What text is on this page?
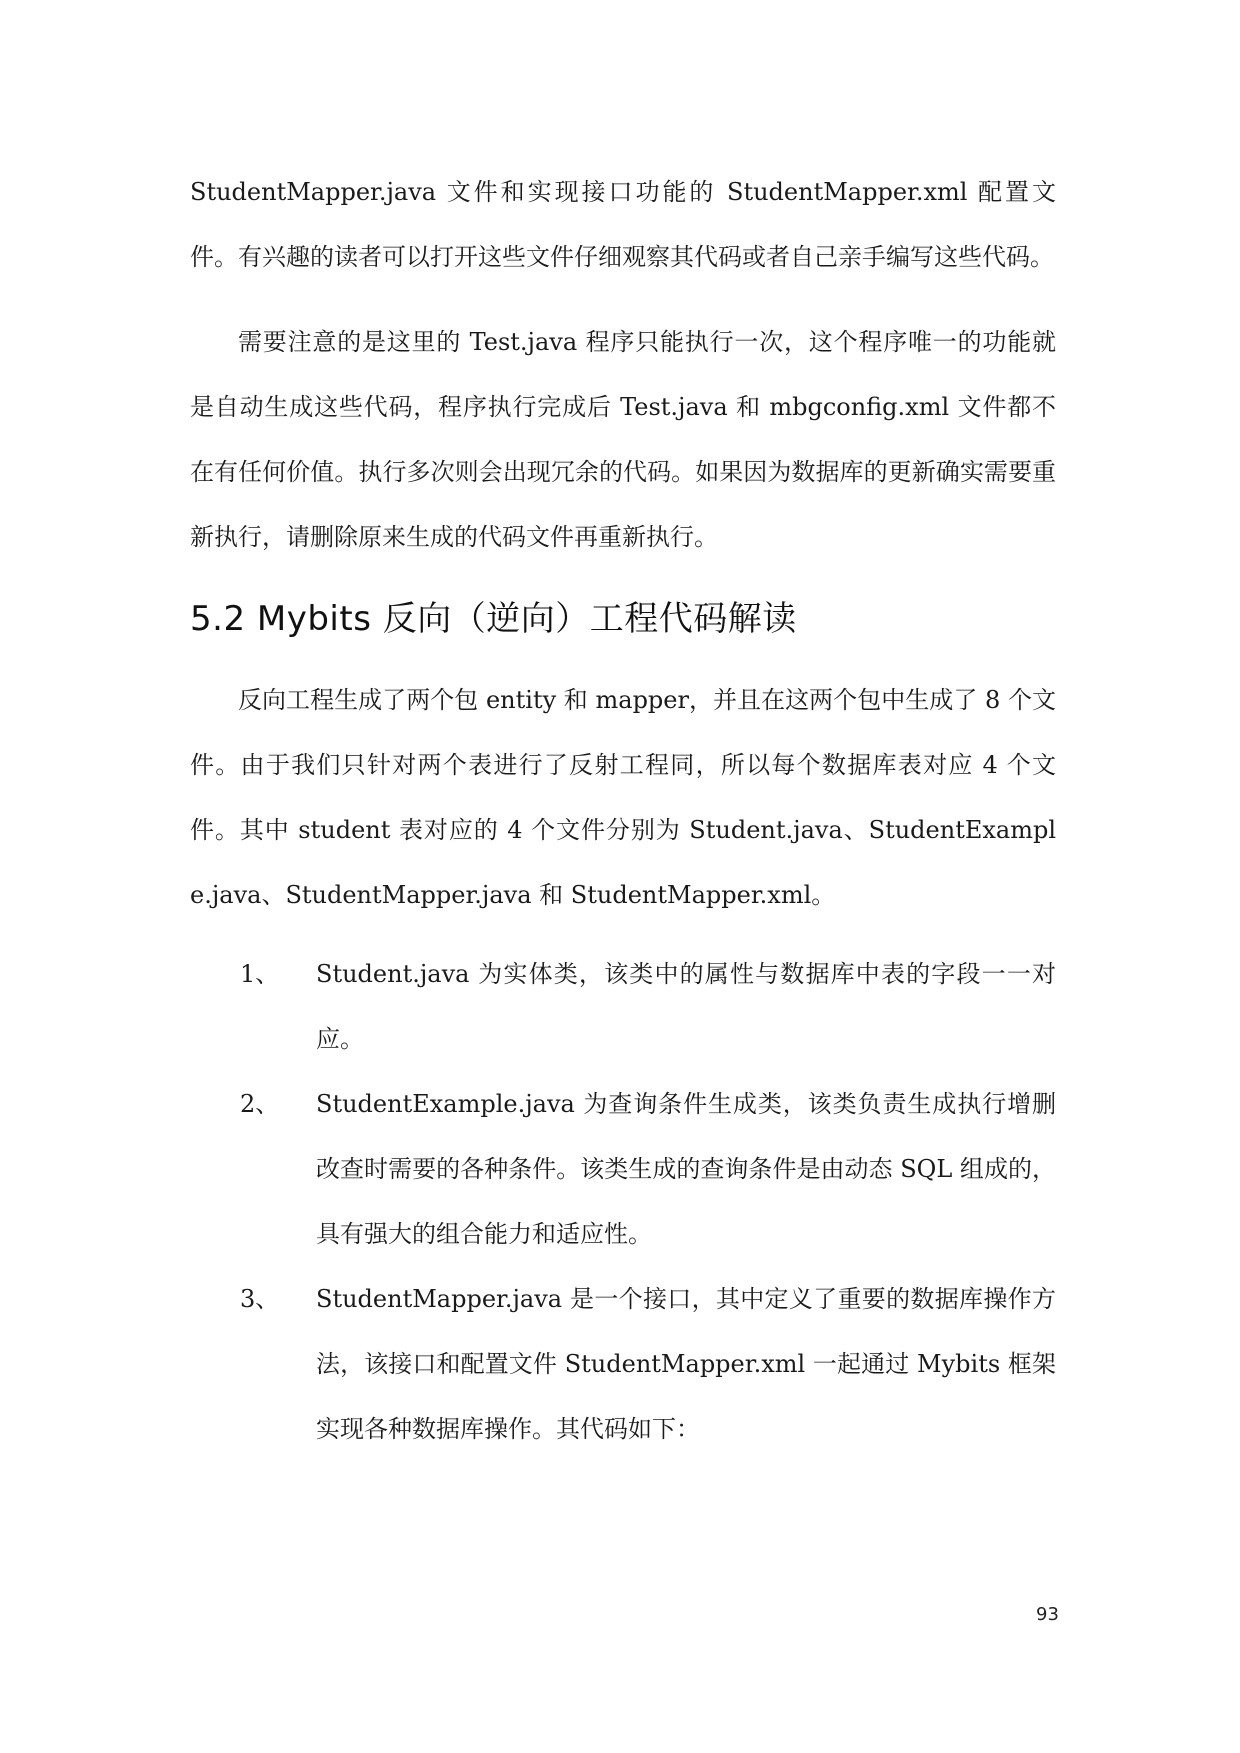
StudentMapper.java 文件和实现接口功能的 StudentMapper.xml 配置文件。有兴趣的读者可以打开这些文件仔细观察其代码或者自己亲手编写这些代码。

需要注意的是这里的 Test.java 程序只能执行一次，这个程序唯一的功能就是自动生成这些代码，程序执行完成后 Test.java 和 mbgconfig.xml 文件都不在有任何价值。执行多次则会出现冗余的代码。如果因为数据库的更新确实需要重新执行，请删除原来生成的代码文件再重新执行。

5.2 Mybits 反向（逆向）工程代码解读

反向工程生成了两个包 entity 和 mapper，并且在这两个包中生成了 8 个文件。由于我们只针对两个表进行了反射工程同，所以每个数据库表对应 4 个文件。其中 student 表对应的 4 个文件分别为 Student.java、StudentExample.java、StudentMapper.java 和 StudentMapper.xml。

1、 Student.java 为实体类，该类中的属性与数据库中表的字段一一对应。
2、 StudentExample.java 为查询条件生成类，该类负责生成执行增删改查时需要的各种条件。该类生成的查询条件是由动态 SQL 组成的，具有强大的组合能力和适应性。
3、 StudentMapper.java 是一个接口，其中定义了重要的数据库操作方法，该接口和配置文件 StudentMapper.xml 一起通过 Mybits 框架实现各种数据库操作。其代码如下：
93
